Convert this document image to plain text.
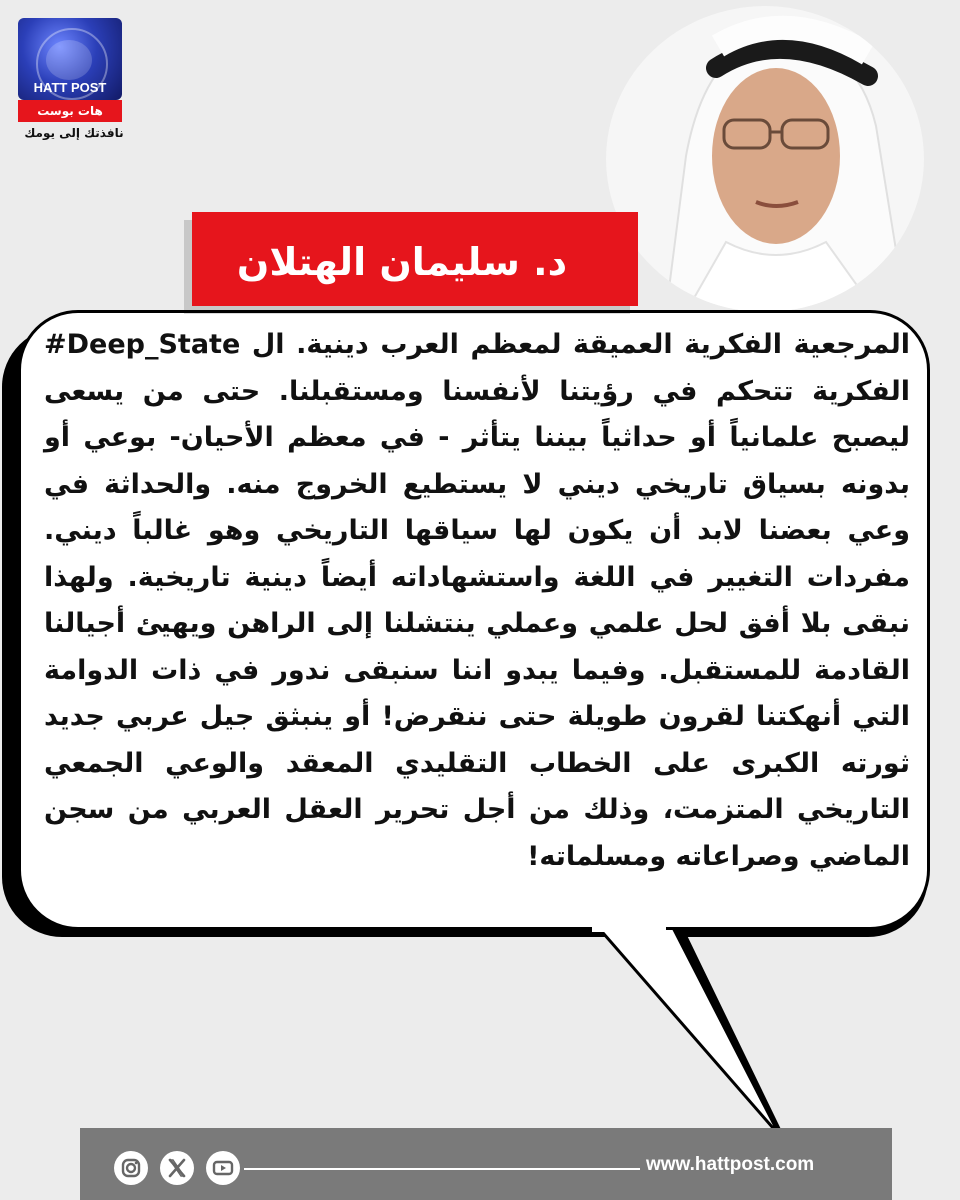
HATT POST
هات بوست
نافذتك إلى يومك
د. سليمان الهتلان
المرجعية الفكرية العميقة لمعظم العرب دينية. ال Deep_State# الفكرية تتحكم في رؤيتنا لأنفسنا ومستقبلنا. حتى من يسعى ليصبح علمانياً أو حداثياً بيننا يتأثر - في معظم الأحيان- بوعي أو بدونه بسياق تاريخي ديني لا يستطيع الخروج منه. والحداثة في وعي بعضنا لابد أن يكون لها سياقها التاريخي وهو غالباً ديني. مفردات التغيير في اللغة واستشهاداته أيضاً دينية تاريخية. ولهذا نبقى بلا أفق لحل علمي وعملي ينتشلنا إلى الراهن ويهيئ أجيالنا القادمة للمستقبل. وفيما يبدو اننا سنبقى ندور في ذات الدوامة التي أنهكتنا لقرون طويلة حتى ننقرض! أو ينبثق جيل عربي جديد ثورته الكبرى على الخطاب التقليدي المعقد والوعي الجمعي التاريخي المتزمت، وذلك من أجل تحرير العقل العربي من سجن الماضي وصراعاته ومسلماته!
www.hattpost.com
